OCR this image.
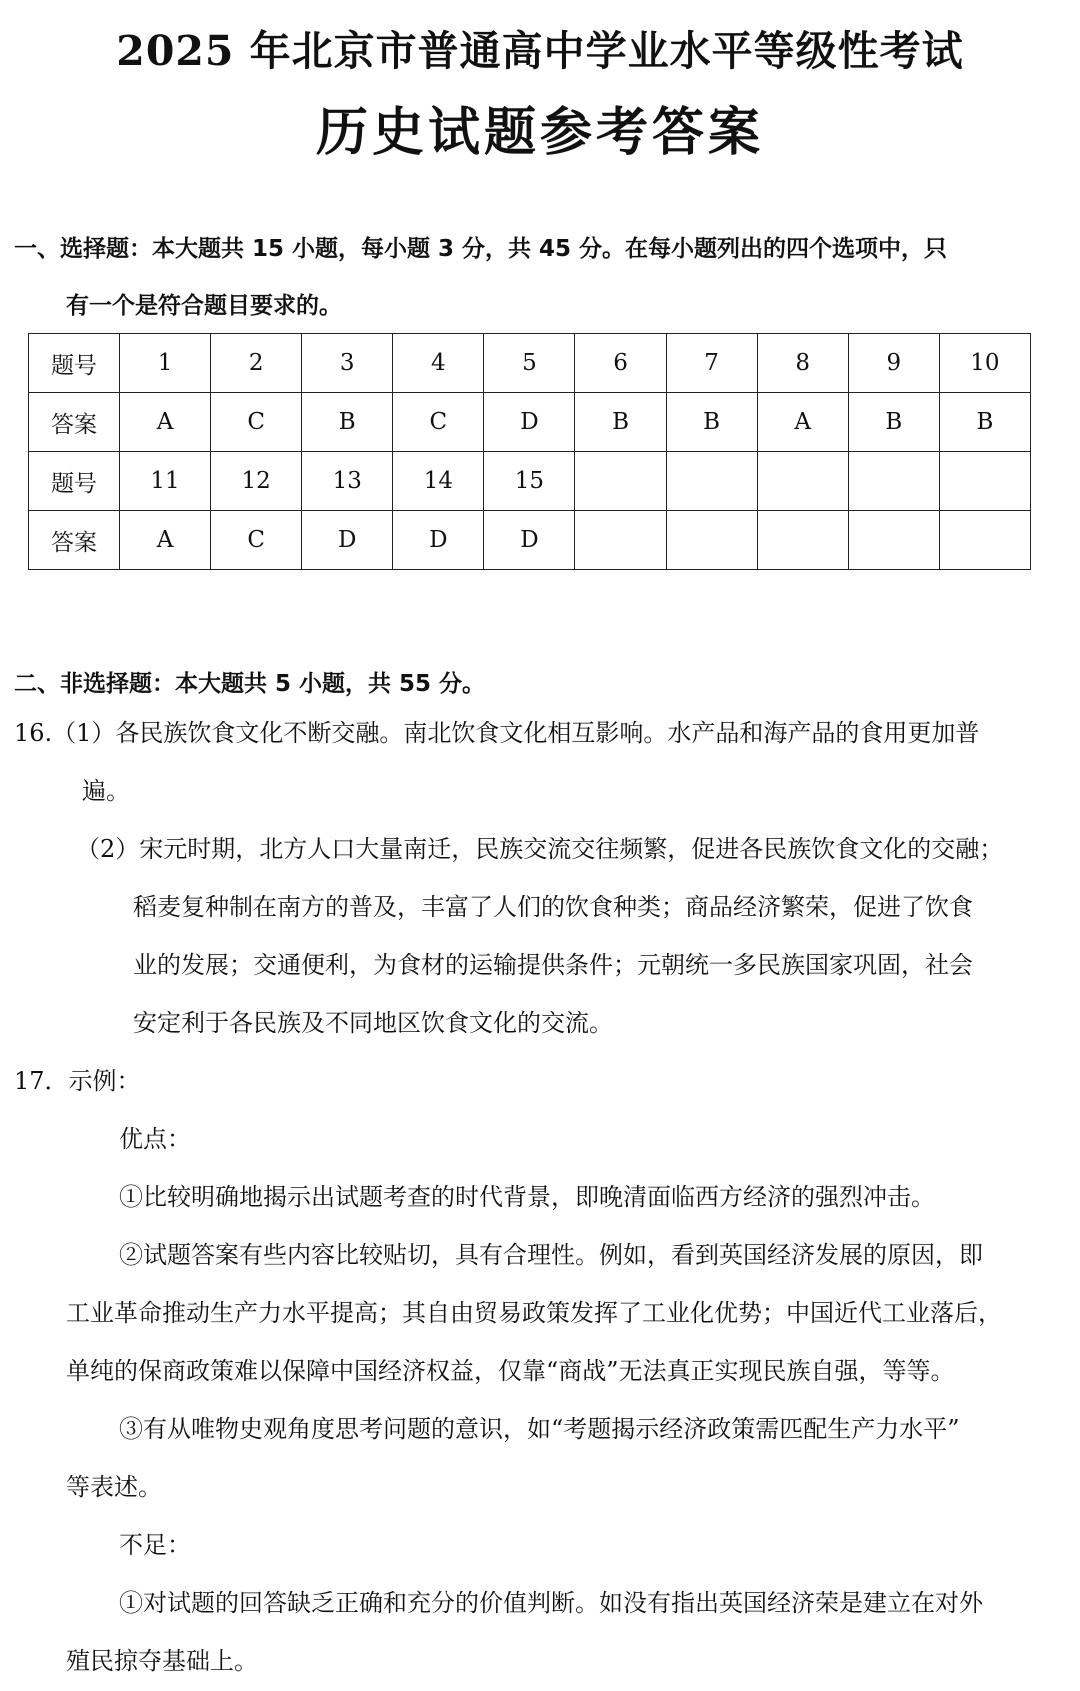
2025 年北京市普通高中学业水平等级性考试
历史试题参考答案
一、选择题：本大题共 15 小题，每小题 3 分，共 45 分。在每小题列出的四个选项中，只
有一个是符合题目要求的。
题号	1	2	3	4	5	6	7	8	9	10
答案	A	C	B	C	D	B	B	A	B	B
题号	11	12	13	14	15					
答案	A	C	D	D	D					
二、非选择题：本大题共 5 小题，共 55 分。
16.（1）各民族饮食文化不断交融。南北饮食文化相互影响。水产品和海产品的食用更加普
遍。
（2）宋元时期，北方人口大量南迁，民族交流交往频繁，促进各民族饮食文化的交融；
稻麦复种制在南方的普及，丰富了人们的饮食种类；商品经济繁荣，促进了饮食
业的发展；交通便利，为食材的运输提供条件；元朝统一多民族国家巩固，社会
安定利于各民族及不同地区饮食文化的交流。
17．示例：
优点：
①比较明确地揭示出试题考查的时代背景，即晚清面临西方经济的强烈冲击。
②试题答案有些内容比较贴切，具有合理性。例如，看到英国经济发展的原因，即
工业革命推动生产力水平提高；其自由贸易政策发挥了工业化优势；中国近代工业落后，
单纯的保商政策难以保障中国经济权益，仅靠“商战”无法真正实现民族自强，等等。
③有从唯物史观角度思考问题的意识，如“考题揭示经济政策需匹配生产力水平”
等表述。
不足：
①对试题的回答缺乏正确和充分的价值判断。如没有指出英国经济荣是建立在对外
殖民掠夺基础上。
